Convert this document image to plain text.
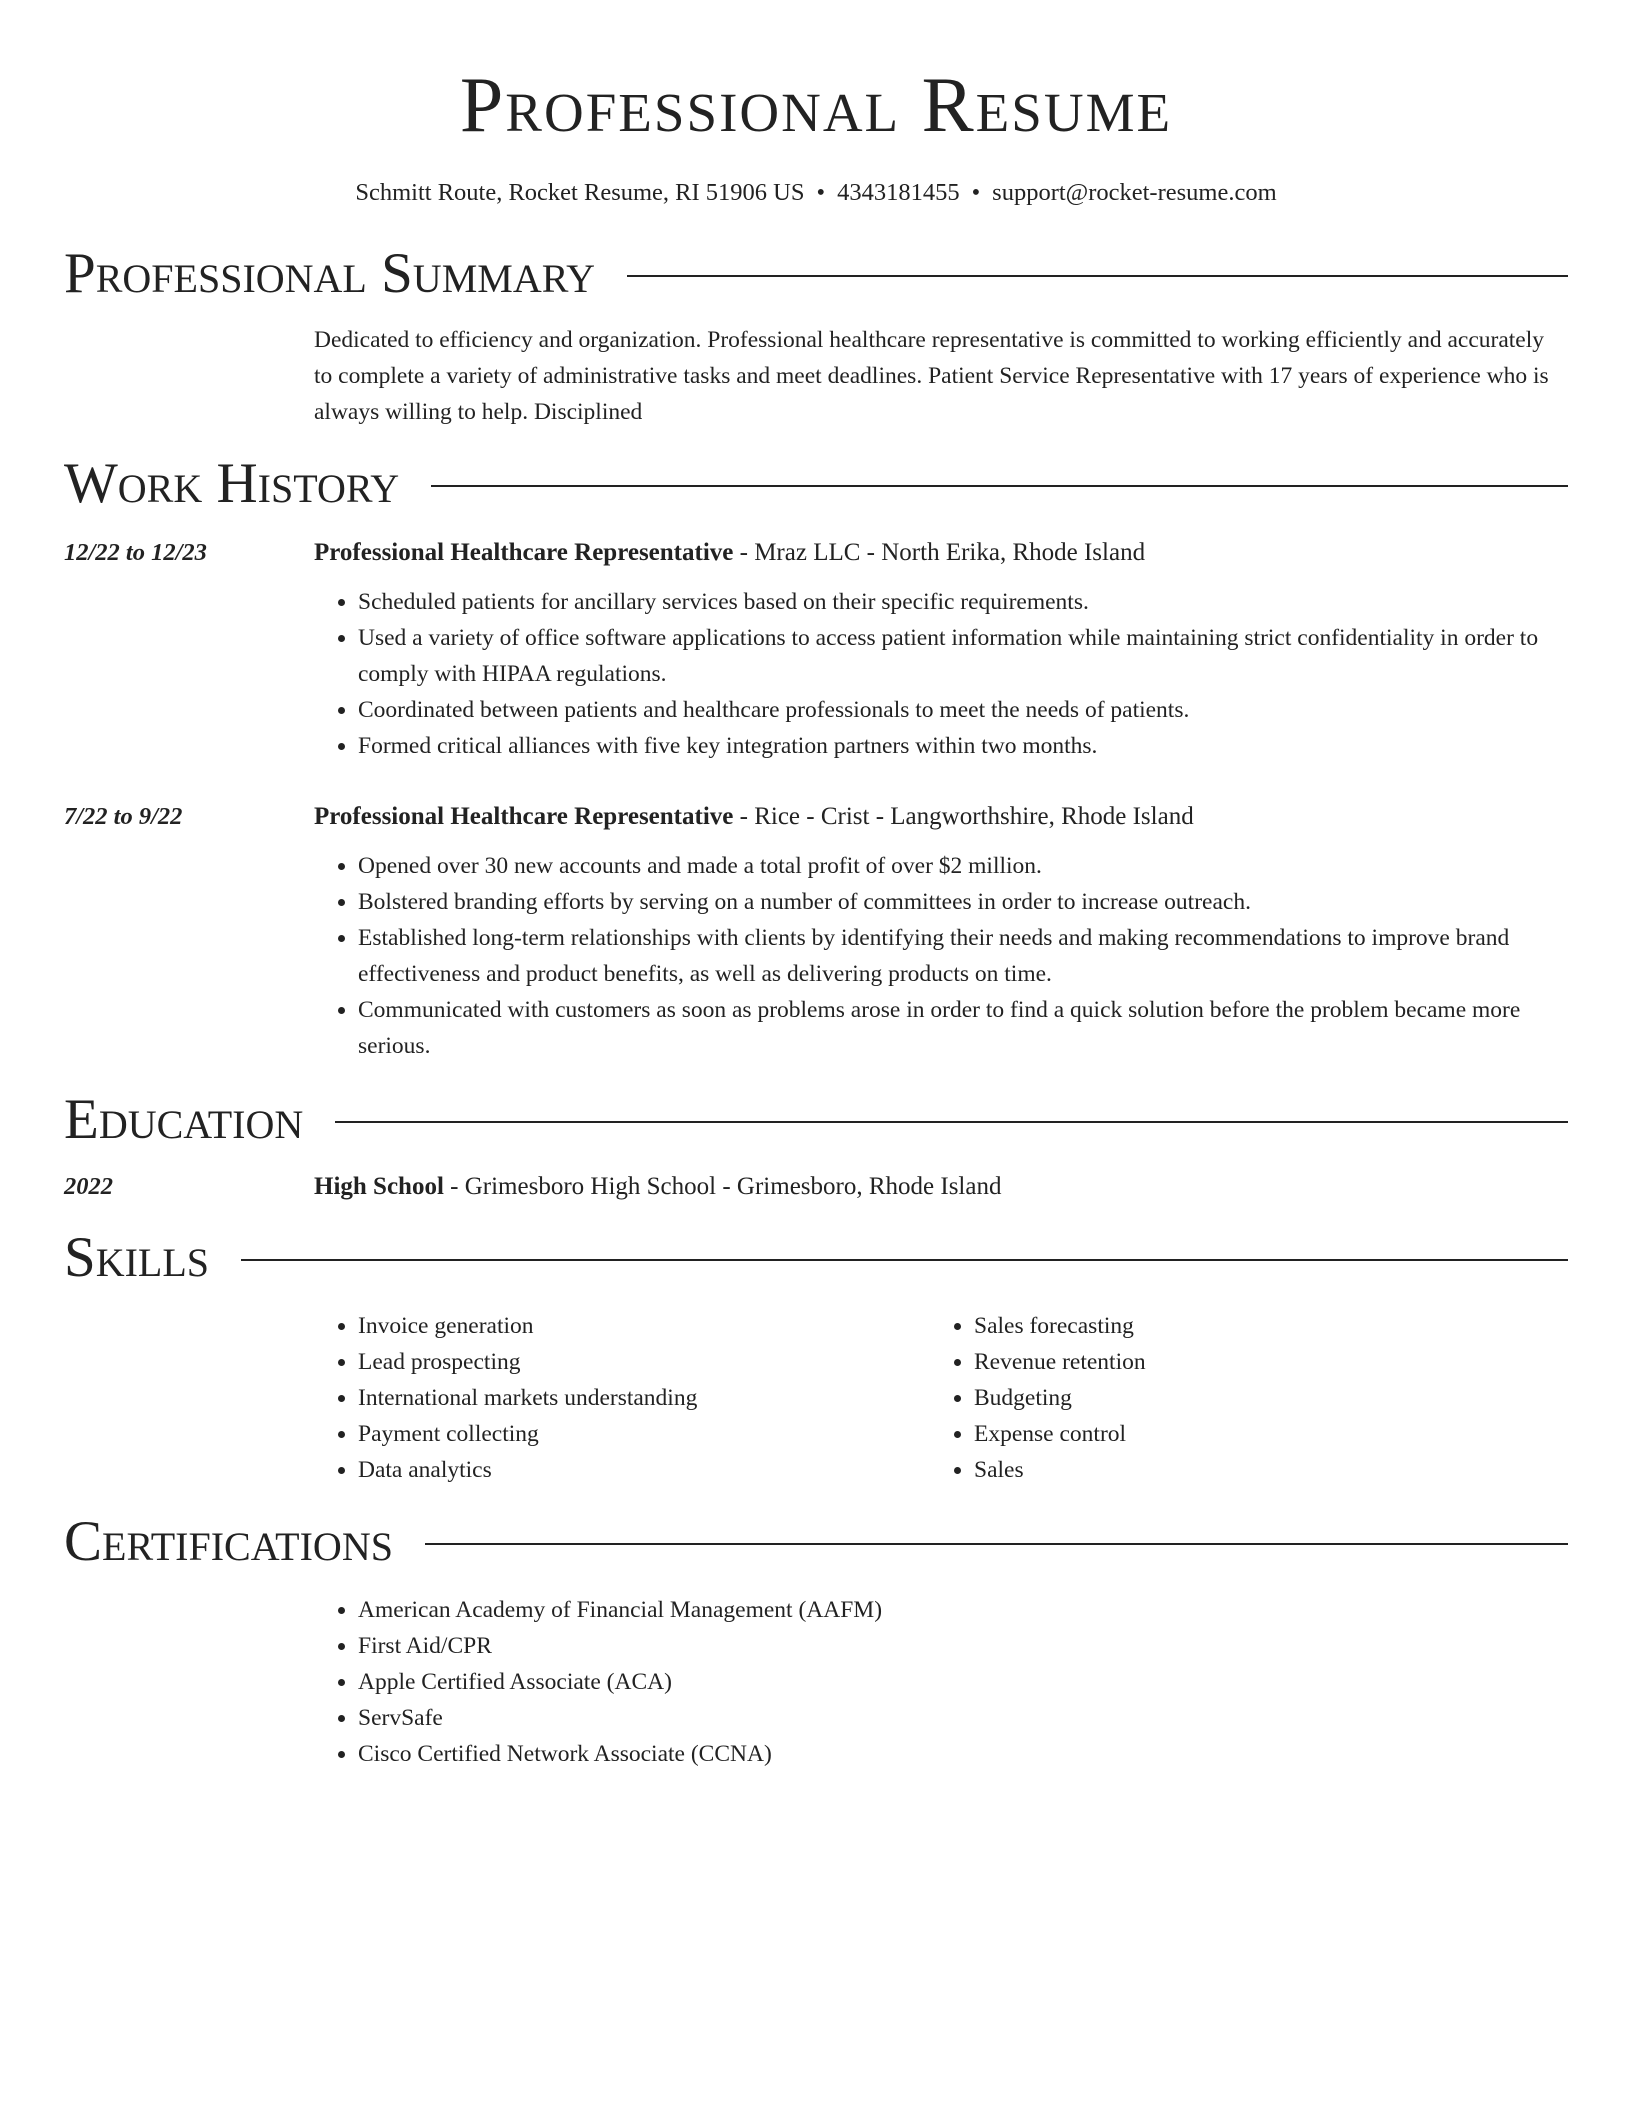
Professional Resume
Schmitt Route, Rocket Resume, RI 51906 US • 4343181455 • support@rocket-resume.com
Professional Summary
Dedicated to efficiency and organization. Professional healthcare representative is committed to working efficiently and accurately to complete a variety of administrative tasks and meet deadlines. Patient Service Representative with 17 years of experience who is always willing to help. Disciplined
Work History
12/22 to 12/23	Professional Healthcare Representative - Mraz LLC - North Erika, Rhode Island
• Scheduled patients for ancillary services based on their specific requirements.
• Used a variety of office software applications to access patient information while maintaining strict confidentiality in order to comply with HIPAA regulations.
• Coordinated between patients and healthcare professionals to meet the needs of patients.
• Formed critical alliances with five key integration partners within two months.
7/22 to 9/22	Professional Healthcare Representative - Rice - Crist - Langworthshire, Rhode Island
• Opened over 30 new accounts and made a total profit of over $2 million.
• Bolstered branding efforts by serving on a number of committees in order to increase outreach.
• Established long-term relationships with clients by identifying their needs and making recommendations to improve brand effectiveness and product benefits, as well as delivering products on time.
• Communicated with customers as soon as problems arose in order to find a quick solution before the problem became more serious.
Education
2022	High School - Grimesboro High School - Grimesboro, Rhode Island
Skills
• Invoice generation
• Lead prospecting
• International markets understanding
• Payment collecting
• Data analytics
• Sales forecasting
• Revenue retention
• Budgeting
• Expense control
• Sales
Certifications
• American Academy of Financial Management (AAFM)
• First Aid/CPR
• Apple Certified Associate (ACA)
• ServSafe
• Cisco Certified Network Associate (CCNA)
